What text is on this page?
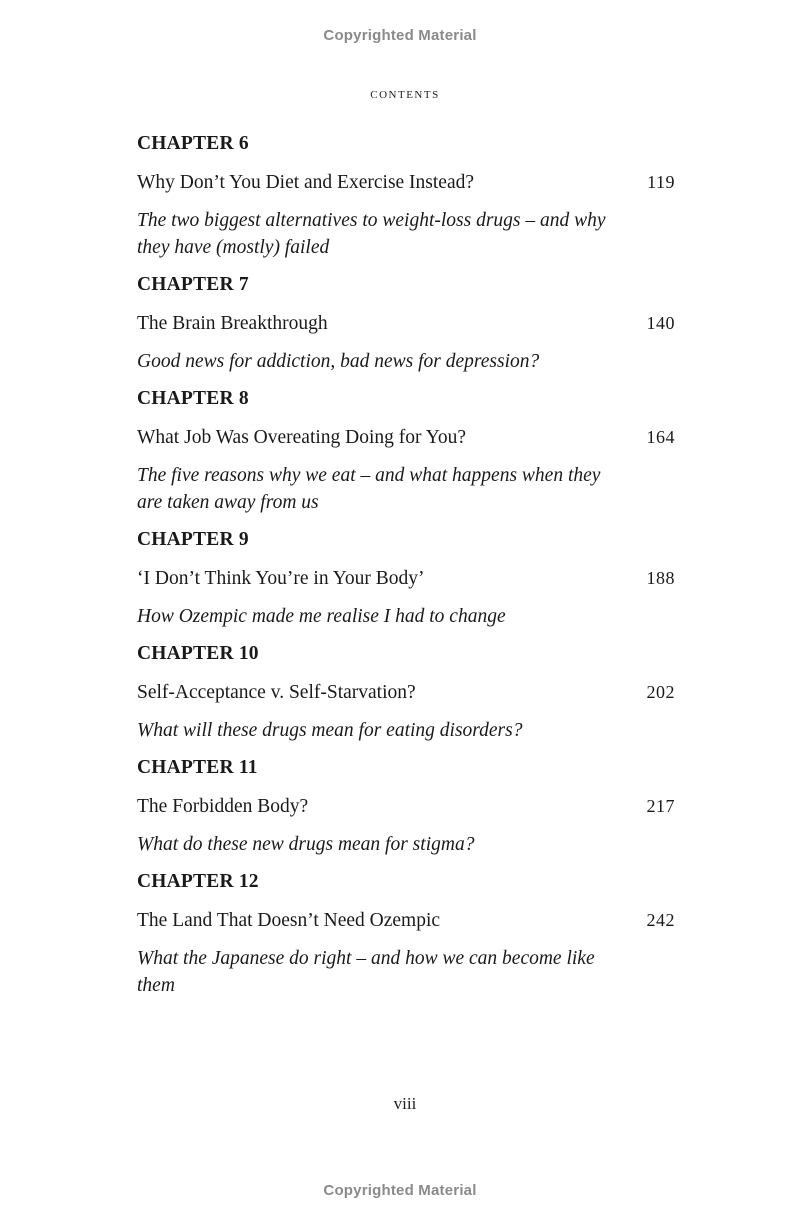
Copyrighted Material
contents
CHAPTER 6
Why Don’t You Diet and Exercise Instead?	119
The two biggest alternatives to weight-loss drugs – and why they have (mostly) failed
CHAPTER 7
The Brain Breakthrough	140
Good news for addiction, bad news for depression?
CHAPTER 8
What Job Was Overeating Doing for You?	164
The five reasons why we eat – and what happens when they are taken away from us
CHAPTER 9
‘I Don’t Think You’re in Your Body’	188
How Ozempic made me realise I had to change
CHAPTER 10
Self-Acceptance v. Self-Starvation?	202
What will these drugs mean for eating disorders?
CHAPTER 11
The Forbidden Body?	217
What do these new drugs mean for stigma?
CHAPTER 12
The Land That Doesn’t Need Ozempic	242
What the Japanese do right – and how we can become like them
viii
Copyrighted Material
